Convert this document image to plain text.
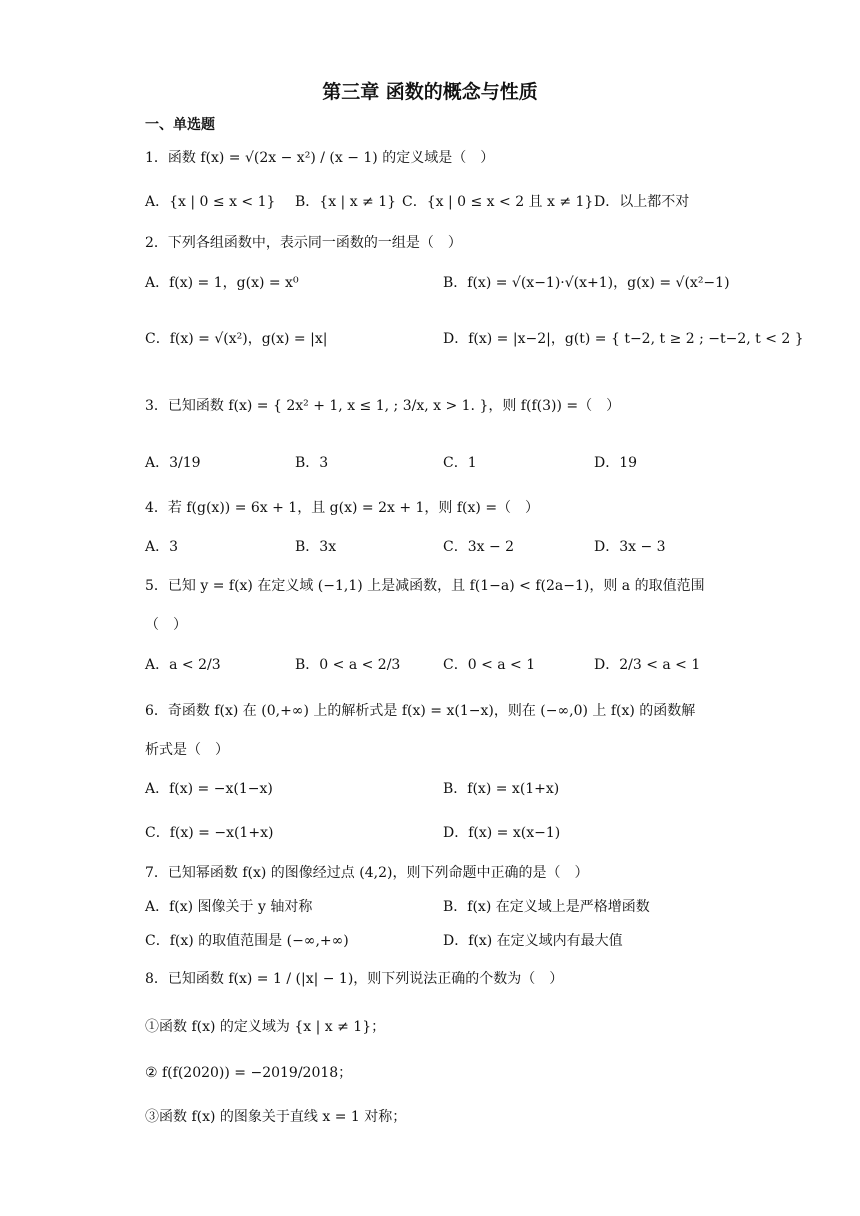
第三章 函数的概念与性质
一、单选题
1．函数 f(x) = √(2x − x²) / (x − 1) 的定义域是（　）
A．{x | 0 ≤ x < 1} B．{x | x ≠ 1} C．{x | 0 ≤ x < 2 且 x ≠ 1} D．以上都不对
2．下列各组函数中，表示同一函数的一组是（　）
A．f(x) = 1，g(x) = x⁰	B．f(x) = √(x−1)·√(x+1)，g(x) = √(x²−1)
C．f(x) = √(x²)，g(x) = |x|	D．f(x) = |x−2|，g(t) = { t−2, t ≥ 2 ; −t−2, t < 2 }
3．已知函数 f(x) = { 2x² + 1, x ≤ 1, ; 3/x, x > 1. }，则 f(f(3)) =（　）
A．3/19	B．3	C．1	D．19
4．若 f(g(x)) = 6x + 1，且 g(x) = 2x + 1，则 f(x) =（　）
A．3	B．3x	C．3x − 2	D．3x − 3
5．已知 y = f(x) 在定义域 (−1,1) 上是减函数，且 f(1−a) < f(2a−1)，则 a 的取值范围
（　）
A．a < 2/3	B．0 < a < 2/3	C．0 < a < 1	D．2/3 < a < 1
6．奇函数 f(x) 在 (0,+∞) 上的解析式是 f(x) = x(1−x)，则在 (−∞,0) 上 f(x) 的函数解
析式是（　）
A．f(x) = −x(1−x)	B．f(x) = x(1+x)
C．f(x) = −x(1+x)	D．f(x) = x(x−1)
7．已知幂函数 f(x) 的图像经过点 (4,2)，则下列命题中正确的是（　）
A．f(x) 图像关于 y 轴对称	B．f(x) 在定义域上是严格增函数
C．f(x) 的取值范围是 (−∞,+∞)	D．f(x) 在定义域内有最大值
8．已知函数 f(x) = 1 / (|x| − 1)，则下列说法正确的个数为（　）
①函数 f(x) 的定义域为 {x | x ≠ 1}；
② f(f(2020)) = −2019/2018；
③函数 f(x) 的图象关于直线 x = 1 对称；
